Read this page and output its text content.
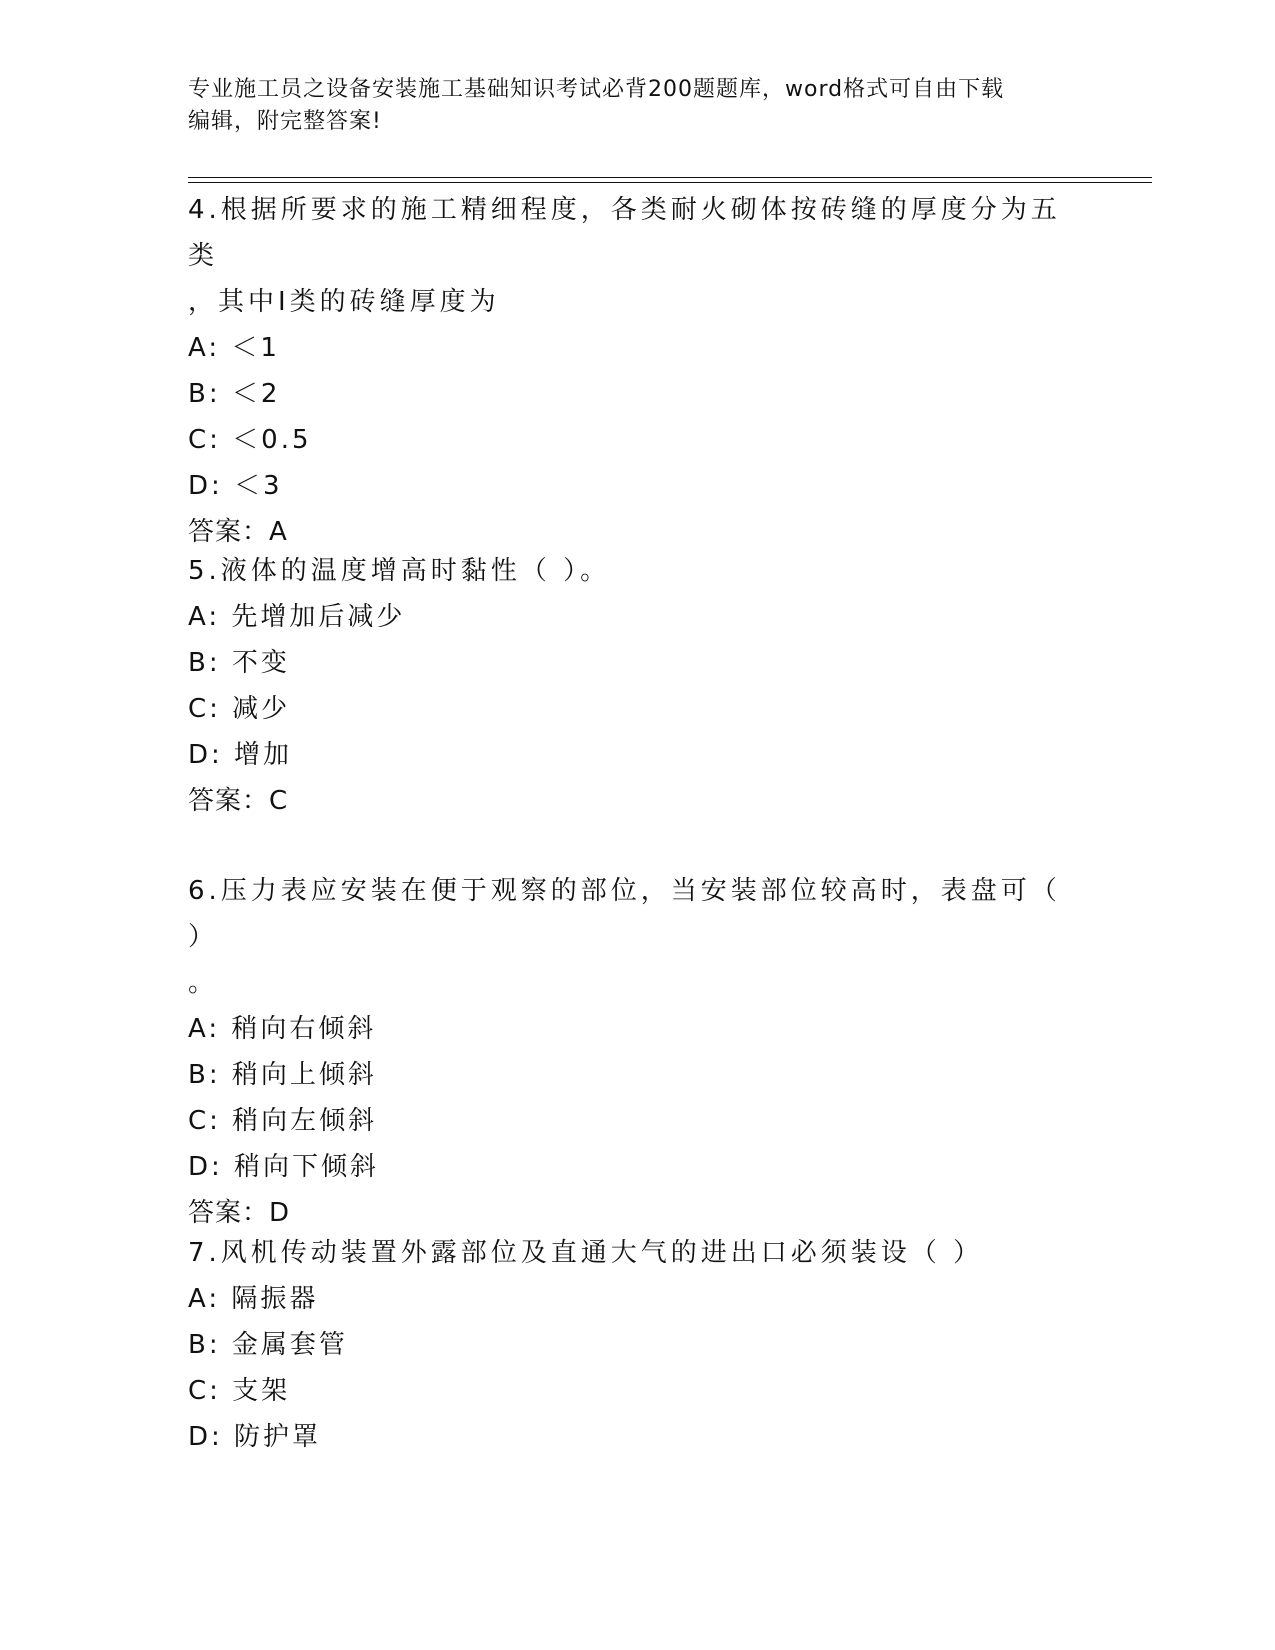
专业施工员之设备安装施工基础知识考试必背200题题库，word格式可自由下载
编辑，附完整答案!
4.根据所要求的施工精细程度，各类耐火砌体按砖缝的厚度分为五类
，其中Ⅰ类的砖缝厚度为
A: ＜1
B: ＜2
C: ＜0.5
D: ＜3
答案：A
5.液体的温度增高时黏性（ ）。
A: 先增加后减少
B: 不变
C: 减少
D: 增加
答案：C
6.压力表应安装在便于观察的部位，当安装部位较高时，表盘可（ ）
。
A: 稍向右倾斜
B: 稍向上倾斜
C: 稍向左倾斜
D: 稍向下倾斜
答案：D
7.风机传动装置外露部位及直通大气的进出口必须装设（ ）
A: 隔振器
B: 金属套管
C: 支架
D: 防护罩
